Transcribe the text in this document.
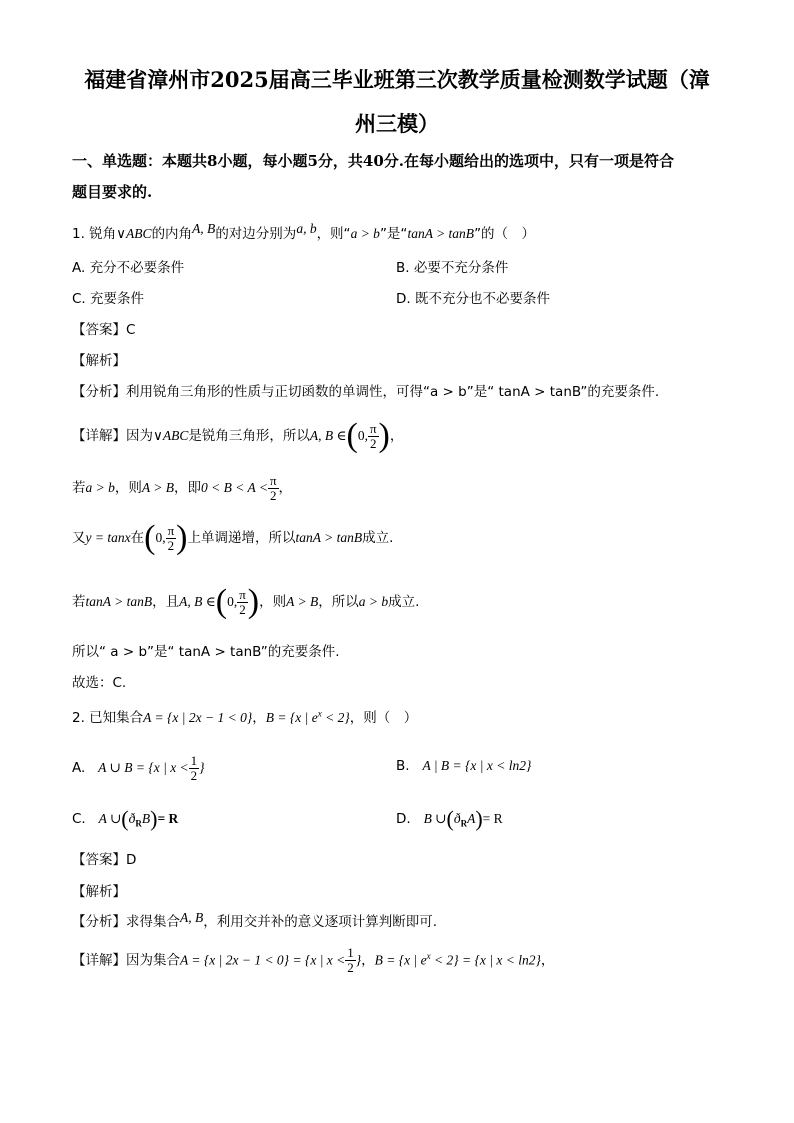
福建省漳州市2025届高三毕业班第三次教学质量检测数学试题（漳
州三模）
一、单选题：本题共8小题，每小题5分，共40分.在每小题给出的选项中，只有一项是符合
题目要求的.
1. 锐角∨ABC的内角A, B的对边分别为a, b，则“a > b”是“tanA > tanB”的（　）
A. 充分不必要条件	B. 必要不充分条件
C. 充要条件	D. 既不充分也不必要条件
【答案】C
【解析】
【分析】利用锐角三角形的性质与正切函数的单调性，可得“a > b”是“ tanA > tanB”的充要条件.
【详解】因为∨ABC是锐角三角形，所以A, B ∈(0, $\frac{\pi}{2}$ )，
若a > b，则A > B，即$0 < B < A < \frac{\pi}{2}$ ，
又y = tanx在(0, $\frac{\pi}{2}$ )上单调递增，所以tanA > tanB成立.
若tanA > tanB，且A, B ∈(0, $\frac{\pi}{2}$ )，则A > B，所以a > b成立.
所以“ a > b”是“ tanA > tanB”的充要条件.
故选：C.
2. 已知集合A = {x | 2x − 1 < 0}，B = {x | $e^x < 2$}，则（　）
A. A ∪ B = {x | $x < \frac{1}{2}$ }	B. A | B = {x | x < ln2}
C. A $\cup(ð_RB)= R$	D. B $\cup(ð_RA)= R$
【答案】D
【解析】
【分析】求得集合A, B，利用交并补的意义逐项计算判断即可.
【详解】因为集合A = {x | 2x − 1 < 0} = {x | $x < \frac{1}{2}$ }，B = {x | $e^x < 2\} = \{x$ | x < ln2}，
